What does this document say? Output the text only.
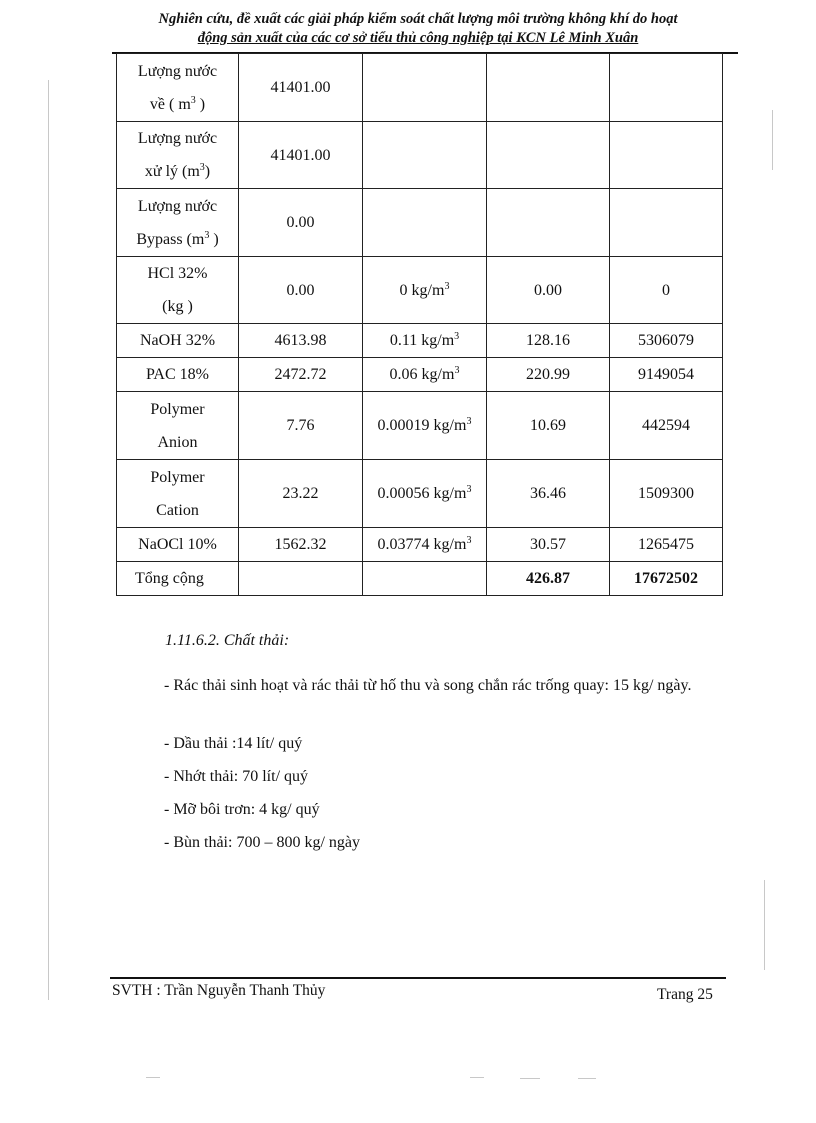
Nghiên cứu, đề xuất các giải pháp kiểm soát chất lượng môi trường không khí do hoạt
động sản xuất của các cơ sở tiểu thủ công nghiệp tại KCN Lê Minh Xuân
Lượng nước
về ( $m^3$ )	41401.00			
Lượng nước
xử lý $(m^3)$	41401.00			
Lượng nước
Bypass ($m^3$ )	0.00			
HCl 32%
(kg )	0.00	0 $kg/m^3$	0.00	0
NaOH 32%	4613.98	0.11 $kg/m^3$	128.16	5306079
PAC 18%	2472.72	0.06 $kg/m^3$	220.99	9149054
Polymer
Anion	7.76	0.00019 $kg/m^3$	10.69	442594
Polymer
Cation	23.22	0.00056 $kg/m^3$	36.46	1509300
NaOCl 10%	1562.32	0.03774 $kg/m^3$	30.57	1265475
Tổng cộng			426.87	17672502
1.11.6.2. Chất thải:
- Rác thải sinh hoạt và rác thải từ hố thu và song chắn rác trống quay: 15 kg/ ngày.
- Dầu thải :14 lít/ quý
- Nhớt thải: 70 lít/ quý
- Mỡ bôi trơn: 4 kg/ quý
- Bùn thải: 700 – 800 kg/ ngày
SVTH : Trần Nguyễn Thanh Thủy	Trang 25
